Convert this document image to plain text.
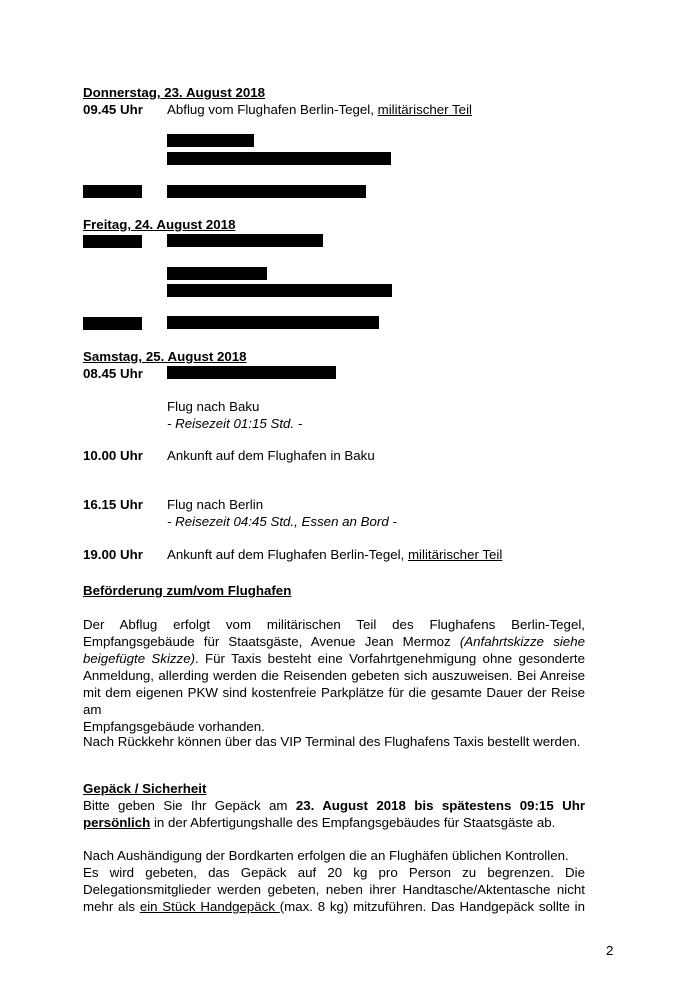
Donnerstag, 23. August 2018
09.45 Uhr Abflug vom Flughafen Berlin-Tegel, militärischer Teil
Freitag, 24. August 2018
Samstag, 25. August 2018
08.45 Uhr
Flug nach Baku
- Reisezeit 01:15 Std. -
10.00 Uhr Ankunft auf dem Flughafen in Baku
16.15 Uhr Flug nach Berlin
- Reisezeit 04:45 Std., Essen an Bord -
19.00 Uhr Ankunft auf dem Flughafen Berlin-Tegel, militärischer Teil
Beförderung zum/vom Flughafen
Der Abflug erfolgt vom militärischen Teil des Flughafens Berlin-Tegel,
Empfangsgebäude für Staatsgäste, Avenue Jean Mermoz (Anfahrtskizze siehe
beigefügte Skizze). Für Taxis besteht eine Vorfahrtgenehmigung ohne gesonderte
Anmeldung, allerding werden die Reisenden gebeten sich auszuweisen. Bei Anreise
mit dem eigenen PKW sind kostenfreie Parkplätze für die gesamte Dauer der Reise am
Empfangsgebäude vorhanden.
Nach Rückkehr können über das VIP Terminal des Flughafens Taxis bestellt werden.
Gepäck / Sicherheit
Bitte geben Sie Ihr Gepäck am 23. August 2018 bis spätestens 09:15 Uhr
persönlich in der Abfertigungshalle des Empfangsgebäudes für Staatsgäste ab.
Nach Aushändigung der Bordkarten erfolgen die an Flughäfen üblichen Kontrollen.
Es wird gebeten, das Gepäck auf 20 kg pro Person zu begrenzen. Die
Delegationsmitglieder werden gebeten, neben ihrer Handtasche/Aktentasche nicht
mehr als ein Stück Handgepäck (max. 8 kg) mitzuführen. Das Handgepäck sollte in
2
